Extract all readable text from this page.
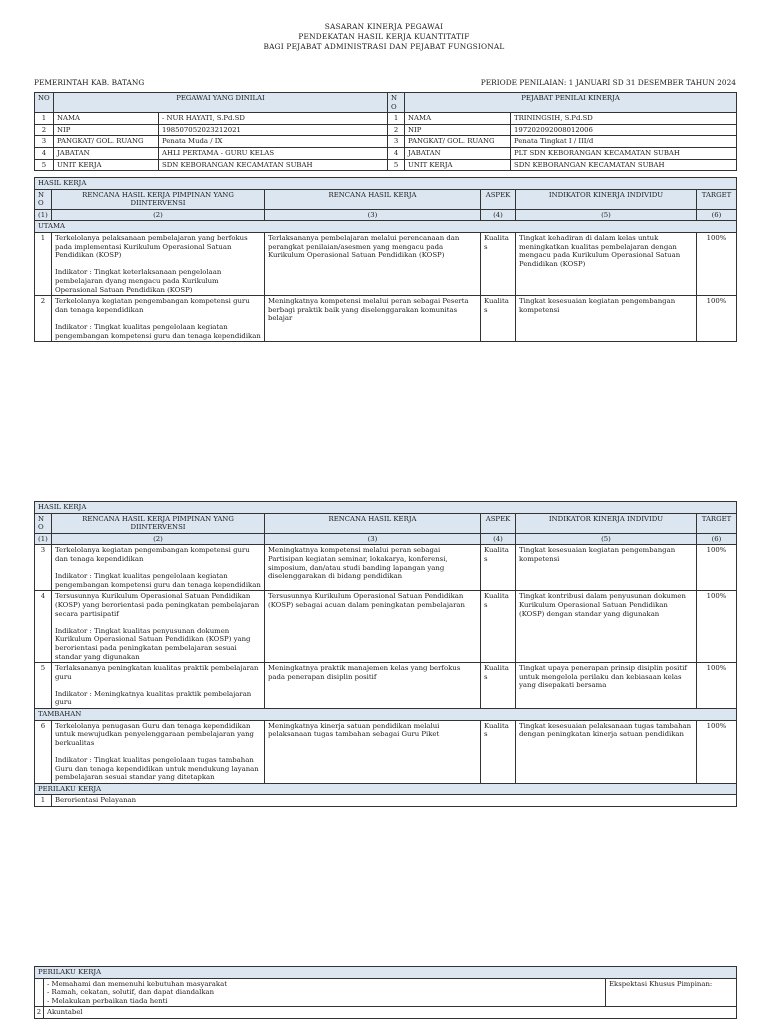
SASARAN KINERJA PEGAWAI
PENDEKATAN HASIL KERJA KUANTITATIF
BAGI PEJABAT ADMINISTRASI DAN PEJABAT FUNGSIONAL
PEMERINTAH KAB. BATANG	PERIODE PENILAIAN: 1 JANUARI SD 31 DESEMBER TAHUN 2024
NO	PEGAWAI YANG DINILAI		NO	PEJABAT PENILAI KINERJA	
1	NAMA	- NUR HAYATI, S.Pd.SD	1	NAMA	TRININGSIH, S.Pd.SD
2	NIP	198507052023212021	2	NIP	197202092008012006
3	PANGKAT/ GOL. RUANG	Penata Muda / IX	3	PANGKAT/ GOL. RUANG	Penata Tingkat I / III/d
4	JABATAN	AHLI PERTAMA - GURU KELAS	4	JABATAN	PLT SDN KEBORANGAN KECAMATAN SUBAH
5	UNIT KERJA	SDN KEBORANGAN KECAMATAN SUBAH	5	UNIT KERJA	SDN KEBORANGAN KECAMATAN SUBAH
HASIL KERJA					
NO	RENCANA HASIL KERJA PIMPINAN YANG DIINTERVENSI	RENCANA HASIL KERJA	ASPEK	INDIKATOR KINERJA INDIVIDU	TARGET
(1)	(2)	(3)	(4)	(5)	(6)
UTAMA					
1	Terkelolanya pelaksanaan pembelajaran yang berfokus pada implementasi Kurikulum Operasional Satuan Pendidikan (KOSP)

Indikator : Tingkat keterlaksanaan pengelolaan pembelajaran dyang mengacu pada Kurikulum Operasional Satuan Pendidikan (KOSP)	Terlaksananya pembelajaran melalui perencanaan dan perangkat penilaian/asesmen yang mengacu pada Kurikulum Operasional Satuan Pendidikan (KOSP)	Kualitas	Tingkat kehadiran di dalam kelas untuk meningkatkan kualitas pembelajaran dengan mengacu pada Kurikulum Operasional Satuan Pendidikan (KOSP)	100%
2	Terkelolanya kegiatan pengembangan kompetensi guru dan tenaga kependidikan

Indikator : Tingkat kualitas pengelolaan kegiatan pengembangan kompetensi guru dan tenaga kependidikan	Meningkatnya kompetensi melalui peran sebagai Peserta berbagi praktik baik yang diselenggarakan komunitas belajar	Kualitas	Tingkat kesesuaian kegiatan pengembangan kompetensi	100%
HASIL KERJA					
NO	RENCANA HASIL KERJA PIMPINAN YANG DIINTERVENSI	RENCANA HASIL KERJA	ASPEK	INDIKATOR KINERJA INDIVIDU	TARGET
(1)	(2)	(3)	(4)	(5)	(6)
3	Terkelolanya kegiatan pengembangan kompetensi guru dan tenaga kependidikan

Indikator : Tingkat kualitas pengelolaan kegiatan pengembangan kompetensi guru dan tenaga kependidikan	Meningkatnya kompetensi melalui peran sebagai Partisipan kegiatan seminar, lokakarya, konferensi, simposium, dan/atau studi banding lapangan yang diselenggarakan di bidang pendidikan	Kualitas	Tingkat kesesuaian kegiatan pengembangan kompetensi	100%
4	Tersusunnya Kurikulum Operasional Satuan Pendidikan (KOSP) yang berorientasi pada peningkatan pembelajaran secara partisipatif

Indikator : Tingkat kualitas penyusunan dokumen Kurikulum Operasional Satuan Pendidikan (KOSP) yang berorientasi pada peningkatan pembelajaran sesuai standar yang digunakan	Tersusunnya Kurikulum Operasional Satuan Pendidikan (KOSP) sebagai acuan dalam peningkatan pembelajaran	Kualitas	Tingkat kontribusi dalam penyusunan dokumen Kurikulum Operasional Satuan Pendidikan (KOSP) dengan standar yang digunakan	100%
5	Terlaksananya peningkatan kualitas praktik pembelajaran guru

Indikator : Meningkatnya kualitas praktik pembelajaran guru	Meningkatnya praktik manajemen kelas yang berfokus pada penerapan disiplin positif	Kualitas	Tingkat upaya penerapan prinsip disiplin positif untuk mengelola perilaku dan kebiasaan kelas yang disepakati bersama	100%
TAMBAHAN					
6	Terkelolanya penugasan Guru dan tenaga kependidikan untuk mewujudkan penyelenggaraan pembelajaran yang berkualitas

Indikator : Tingkat kualitas pengelolaan tugas tambahan Guru dan tenaga kependidikan untuk mendukung layanan pembelajaran sesuai standar yang ditetapkan	Meningkatnya kinerja satuan pendidikan melalui pelaksanaan tugas tambahan sebagai Guru Piket	Kualitas	Tingkat kesesuaian pelaksanaan tugas tambahan dengan peningkatan kinerja satuan pendidikan	100%
PERILAKU KERJA					
1	Berorientasi Pelayanan				
PERILAKU KERJA		

	- Memahami dan memenuhi kebutuhan masyarakat
- Ramah, cekatan, solutif, dan dapat diandalkan
- Melakukan perbaikan tiada henti	Ekspektasi Khusus Pimpinan:
2	Akuntabel	
